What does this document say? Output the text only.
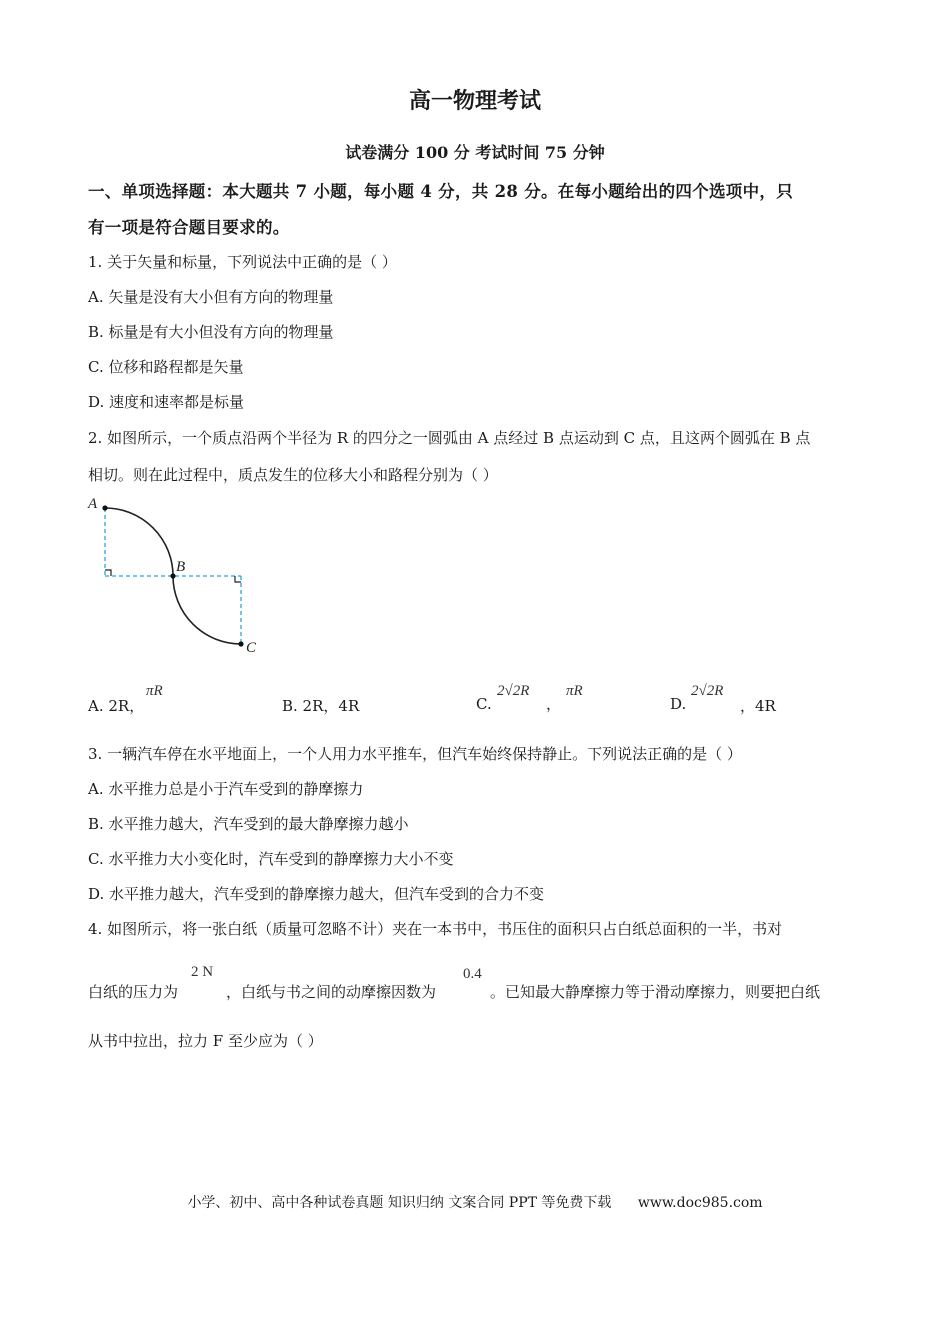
高一物理考试
试卷满分 100 分 考试时间 75 分钟
一、单项选择题：本大题共 7 小题，每小题 4 分，共 28 分。在每小题给出的四个选项中，只
有一项是符合题目要求的。
1. 关于矢量和标量，下列说法中正确的是（ ）
A. 矢量是没有大小但有方向的物理量
B. 标量是有大小但没有方向的物理量
C. 位移和路程都是矢量
D. 速度和速率都是标量
2. 如图所示，一个质点沿两个半径为 R 的四分之一圆弧由 A 点经过 B 点运动到 C 点，且这两个圆弧在 B 点
相切。则在此过程中，质点发生的位移大小和路程分别为（ ）
A
B
C
A. 2R，
πR
B. 2R，4R	C.
2√2R
，
πR
D.
2√2R
，4R
3. 一辆汽车停在水平地面上，一个人用力水平推车，但汽车始终保持静止。下列说法正确的是（ ）
A. 水平推力总是小于汽车受到的静摩擦力
B. 水平推力越大，汽车受到的最大静摩擦力越小
C. 水平推力大小变化时，汽车受到的静摩擦力大小不变
D. 水平推力越大，汽车受到的静摩擦力越大，但汽车受到的合力不变
4. 如图所示，将一张白纸（质量可忽略不计）夹在一本书中，书压住的面积只占白纸总面积的一半，书对
白纸的压力为
2 N
，白纸与书之间的动摩擦因数为
0.4
。已知最大静摩擦力等于滑动摩擦力，则要把白纸
从书中拉出，拉力 F 至少应为（ ）
小学、初中、高中各种试卷真题 知识归纳 文案合同 PPT 等免费下载 www.doc985.com
